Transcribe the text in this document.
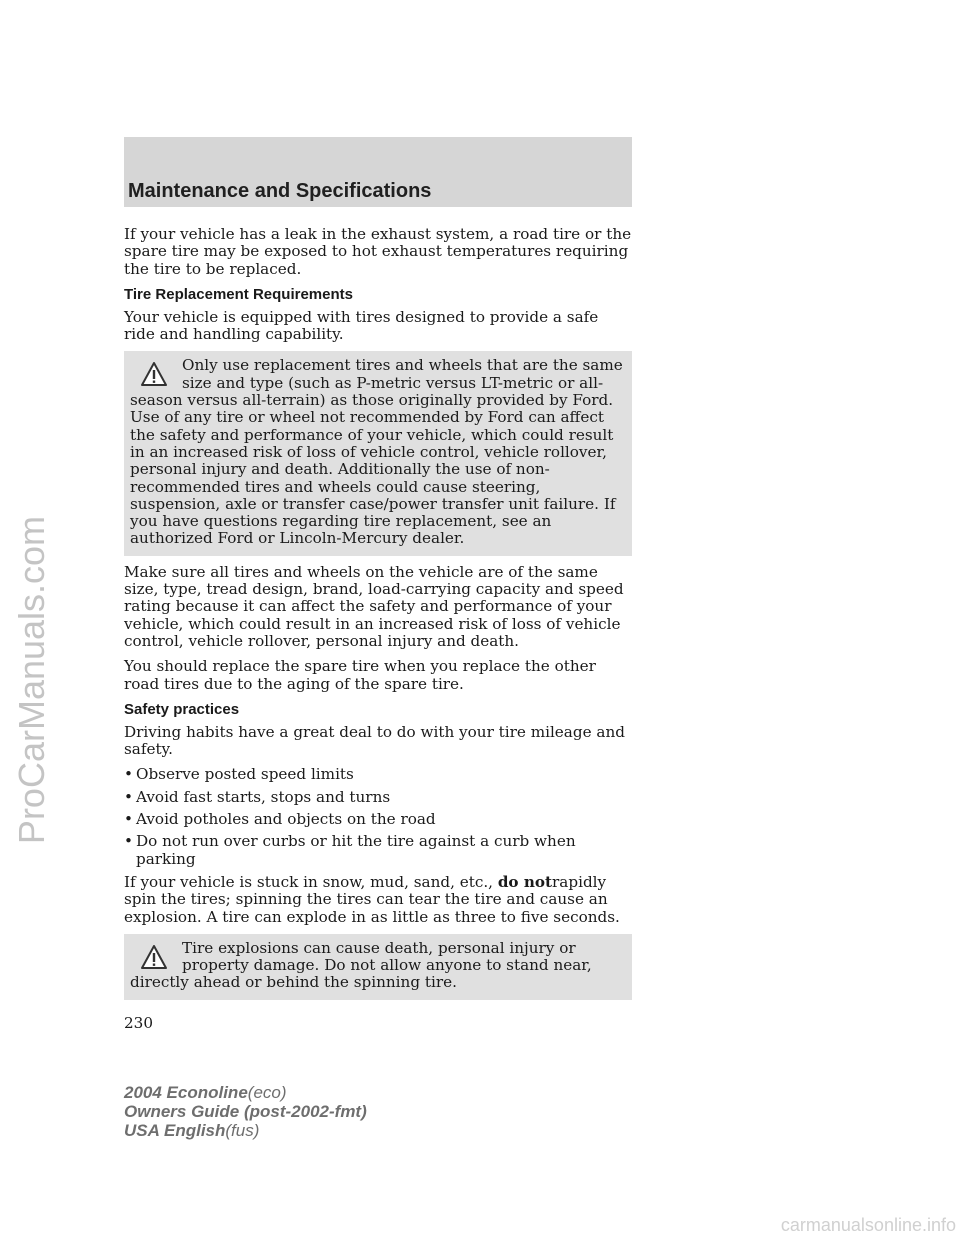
ProCarManuals.com
Maintenance and Specifications

If your vehicle has a leak in the exhaust system, a road tire or the spare tire may be exposed to hot exhaust temperatures requiring the tire to be replaced.

Tire Replacement Requirements

Your vehicle is equipped with tires designed to provide a safe ride and handling capability.

Only use replacement tires and wheels that are the same size and type (such as P-metric versus LT-metric or all-season versus all-terrain) as those originally provided by Ford. Use of any tire or wheel not recommended by Ford can affect the safety and performance of your vehicle, which could result in an increased risk of loss of vehicle control, vehicle rollover, personal injury and death. Additionally the use of non-recommended tires and wheels could cause steering, suspension, axle or transfer case/power transfer unit failure. If you have questions regarding tire replacement, see an authorized Ford or Lincoln-Mercury dealer.

Make sure all tires and wheels on the vehicle are of the same size, type, tread design, brand, load-carrying capacity and speed rating because it can affect the safety and performance of your vehicle, which could result in an increased risk of loss of vehicle control, vehicle rollover, personal injury and death.

You should replace the spare tire when you replace the other road tires due to the aging of the spare tire.

Safety practices

Driving habits have a great deal to do with your tire mileage and safety.

• Observe posted speed limits
• Avoid fast starts, stops and turns
• Avoid potholes and objects on the road
• Do not run over curbs or hit the tire against a curb when parking

If your vehicle is stuck in snow, mud, sand, etc., do notrapidly spin the tires; spinning the tires can tear the tire and cause an explosion. A tire can explode in as little as three to five seconds.

Tire explosions can cause death, personal injury or property damage. Do not allow anyone to stand near, directly ahead or behind the spinning tire.
230
2004 Econoline(eco)
Owners Guide (post-2002-fmt)
USA English(fus)
carmanualsonline.info
